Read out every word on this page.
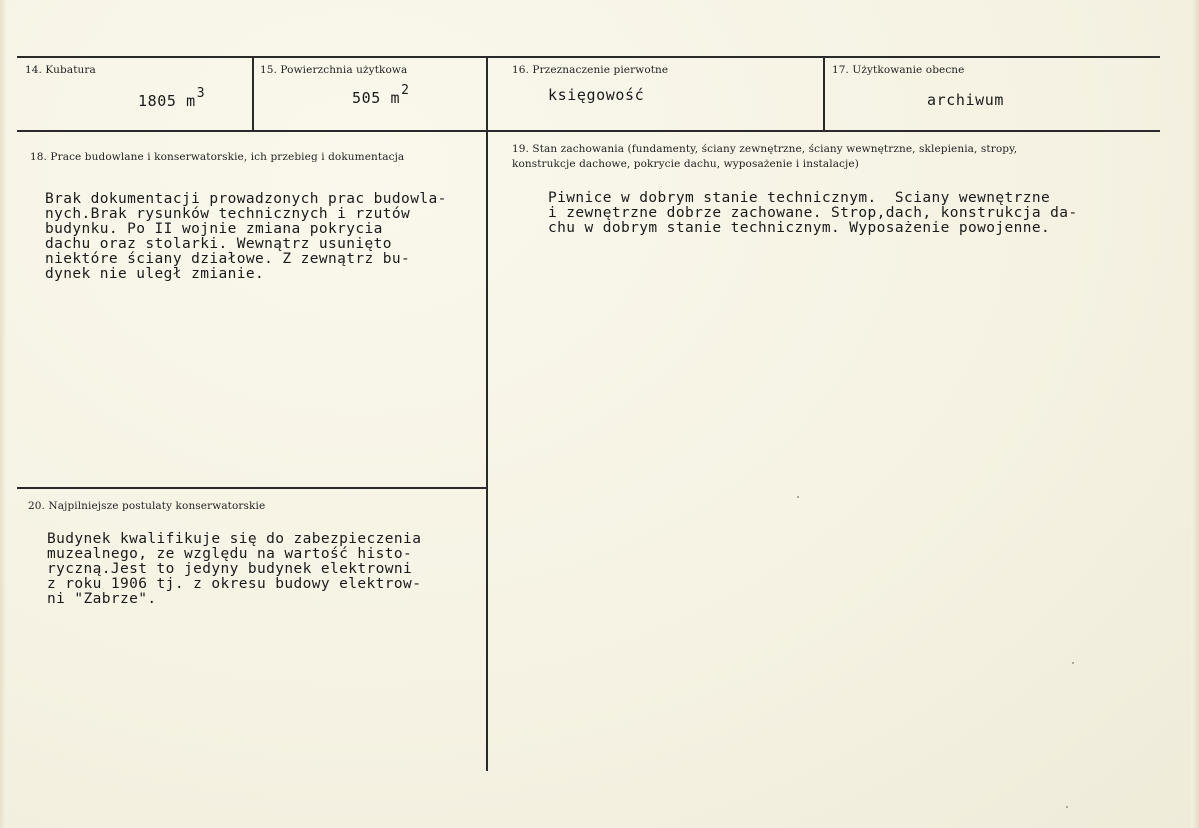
14. Kubatura
1805 $m^3$
15. Powierzchnia użytkowa
505 $m^2$
16. Przeznaczenie pierwotne
księgowość
17. Użytkowanie obecne
archiwum
18. Prace budowlane i konserwatorskie, ich przebieg i dokumentacja
Brak dokumentacji prowadzonych prac budowla-
nych.Brak rysunków technicznych i rzutów
budynku. Po II wojnie zmiana pokrycia
dachu oraz stolarki. Wewnątrz usunięto
niektóre ściany działowe. Z zewnątrz bu-
dynek nie uległ zmianie.
19. Stan zachowania (fundamenty, ściany zewnętrzne, ściany wewnętrzne, sklepienia, stropy,
konstrukcje dachowe, pokrycie dachu, wyposażenie i instalacje)
Piwnice w dobrym stanie technicznym.  Sciany wewnętrzne
i zewnętrzne dobrze zachowane. Strop,dach, konstrukcja da-
chu w dobrym stanie technicznym. Wyposażenie powojenne.
20. Najpilniejsze postulaty konserwatorskie
Budynek kwalifikuje się do zabezpieczenia
muzealnego, ze względu na wartość histo-
ryczną.Jest to jedyny budynek elektrowni
z roku 1906 tj. z okresu budowy elektrow-
ni "Zabrze".
